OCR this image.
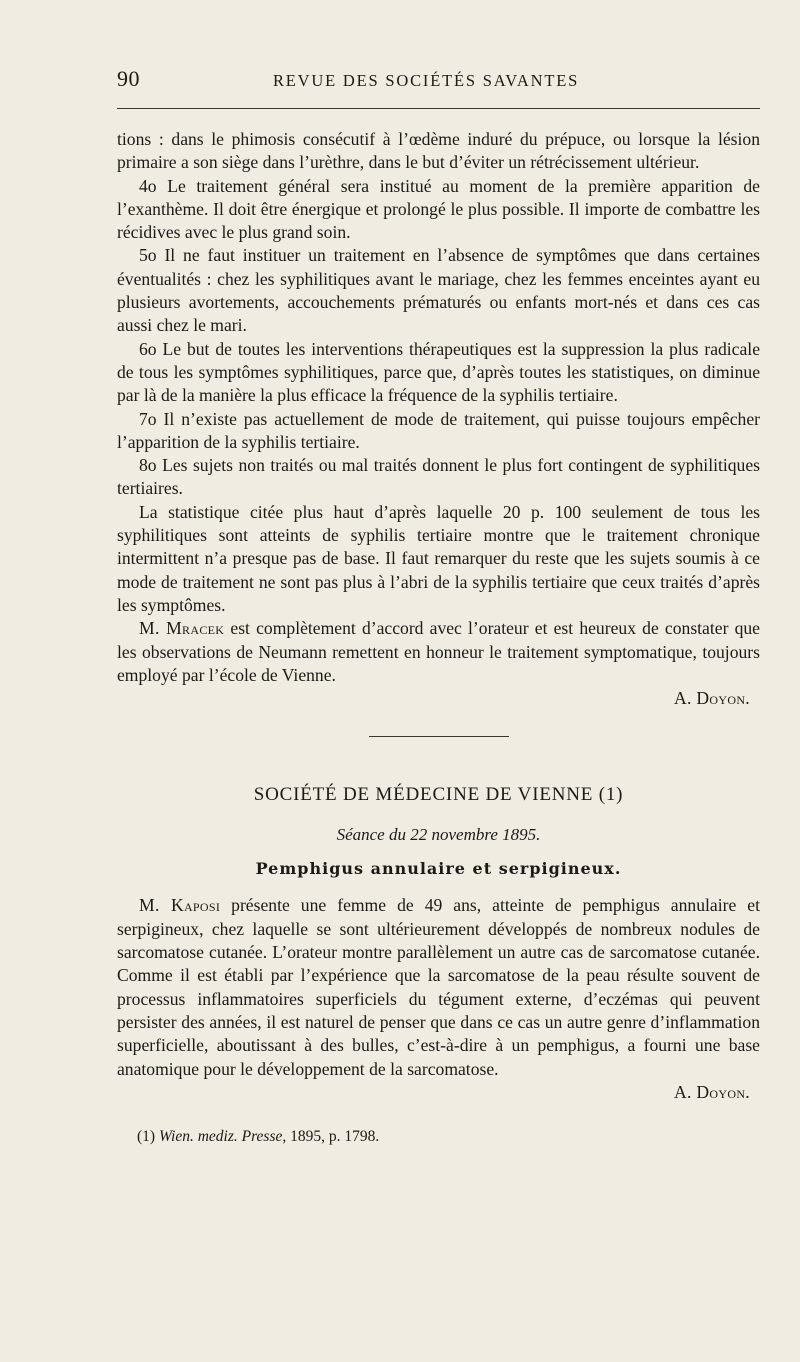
90	REVUE DES SOCIÉTÉS SAVANTES

tions : dans le phimosis consécutif à l’œdème induré du prépuce, ou lorsque la lésion primaire a son siège dans l’urèthre, dans le but d’éviter un rétrécissement ultérieur.

4o Le traitement général sera institué au moment de la première apparition de l’exanthème. Il doit être énergique et prolongé le plus possible. Il importe de combattre les récidives avec le plus grand soin.

5o Il ne faut instituer un traitement en l’absence de symptômes que dans certaines éventualités : chez les syphilitiques avant le mariage, chez les femmes enceintes ayant eu plusieurs avortements, accouchements prématurés ou enfants mort-nés et dans ces cas aussi chez le mari.

6o Le but de toutes les interventions thérapeutiques est la suppression la plus radicale de tous les symptômes syphilitiques, parce que, d’après toutes les statistiques, on diminue par là de la manière la plus efficace la fréquence de la syphilis tertiaire.

7o Il n’existe pas actuellement de mode de traitement, qui puisse toujours empêcher l’apparition de la syphilis tertiaire.

8o Les sujets non traités ou mal traités donnent le plus fort contingent de syphilitiques tertiaires.

La statistique citée plus haut d’après laquelle 20 p. 100 seulement de tous les syphilitiques sont atteints de syphilis tertiaire montre que le traitement chronique intermittent n’a presque pas de base. Il faut remarquer du reste que les sujets soumis à ce mode de traitement ne sont pas plus à l’abri de la syphilis tertiaire que ceux traités d’après les symptômes.

M. Mracek est complètement d’accord avec l’orateur et est heureux de constater que les observations de Neumann remettent en honneur le traitement symptomatique, toujours employé par l’école de Vienne.

A. Doyon.

SOCIÉTÉ DE MÉDECINE DE VIENNE (1)

Séance du 22 novembre 1895.

Pemphigus annulaire et serpigineux.

M. Kaposi présente une femme de 49 ans, atteinte de pemphigus annulaire et serpigineux, chez laquelle se sont ultérieurement développés de nombreux nodules de sarcomatose cutanée. L’orateur montre parallèlement un autre cas de sarcomatose cutanée. Comme il est établi par l’expérience que la sarcomatose de la peau résulte souvent de processus inflammatoires superficiels du tégument externe, d’eczémas qui peuvent persister des années, il est naturel de penser que dans ce cas un autre genre d’inflammation superficielle, aboutissant à des bulles, c’est-à-dire à un pemphigus, a fourni une base anatomique pour le développement de la sarcomatose.

A. Doyon.

(1) Wien. mediz. Presse, 1895, p. 1798.
